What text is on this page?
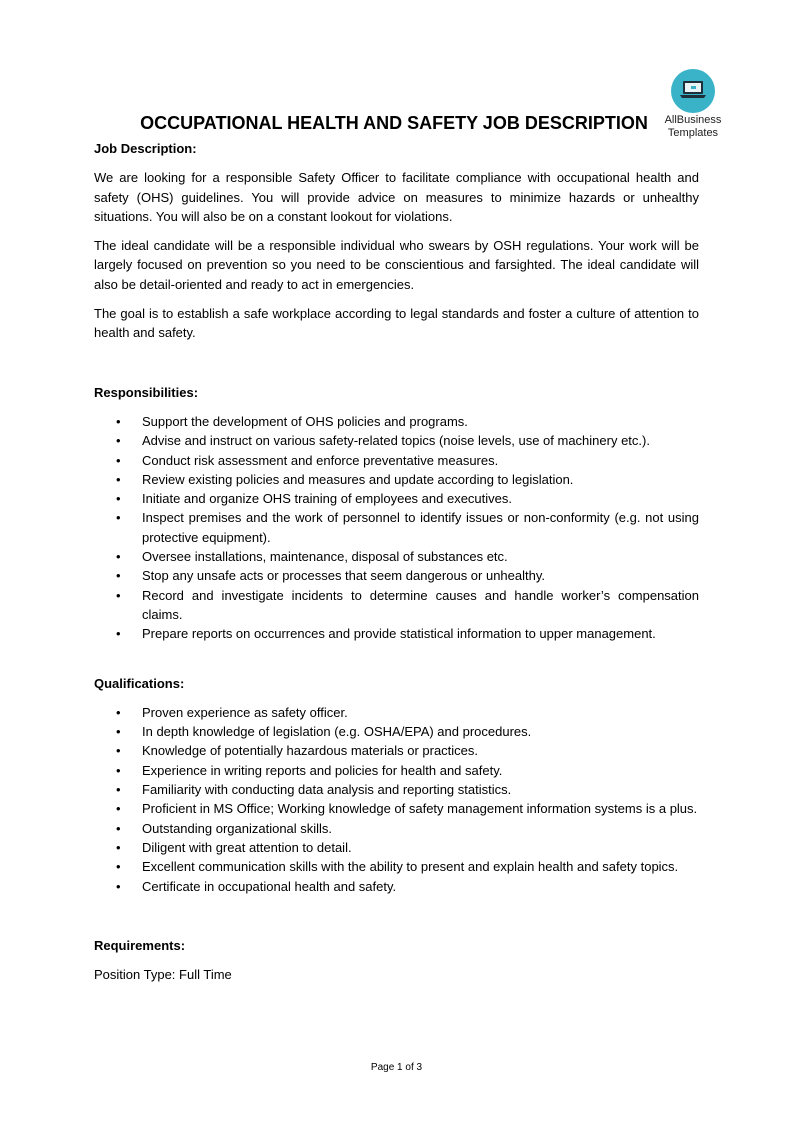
AllBusiness
Templates
OCCUPATIONAL HEALTH AND SAFETY JOB DESCRIPTION

Job Description:

We are looking for a responsible Safety Officer to facilitate compliance with occupational health and safety (OHS) guidelines. You will provide advice on measures to minimize hazards or unhealthy situations. You will also be on a constant lookout for violations.

The ideal candidate will be a responsible individual who swears by OSH regulations. Your work will be largely focused on prevention so you need to be conscientious and farsighted. The ideal candidate will also be detail-oriented and ready to act in emergencies.

The goal is to establish a safe workplace according to legal standards and foster a culture of attention to health and safety.

Responsibilities:

• Support the development of OHS policies and programs.
• Advise and instruct on various safety-related topics (noise levels, use of machinery etc.).
• Conduct risk assessment and enforce preventative measures.
• Review existing policies and measures and update according to legislation.
• Initiate and organize OHS training of employees and executives.
• Inspect premises and the work of personnel to identify issues or non-conformity (e.g. not using protective equipment).
• Oversee installations, maintenance, disposal of substances etc.
• Stop any unsafe acts or processes that seem dangerous or unhealthy.
• Record and investigate incidents to determine causes and handle worker’s compensation claims.
• Prepare reports on occurrences and provide statistical information to upper management.

Qualifications:

• Proven experience as safety officer.
• In depth knowledge of legislation (e.g. OSHA/EPA) and procedures.
• Knowledge of potentially hazardous materials or practices.
• Experience in writing reports and policies for health and safety.
• Familiarity with conducting data analysis and reporting statistics.
• Proficient in MS Office; Working knowledge of safety management information systems is a plus.
• Outstanding organizational skills.
• Diligent with great attention to detail.
• Excellent communication skills with the ability to present and explain health and safety topics.
• Certificate in occupational health and safety.

Requirements:

Position Type: Full Time

Page 1 of 3
